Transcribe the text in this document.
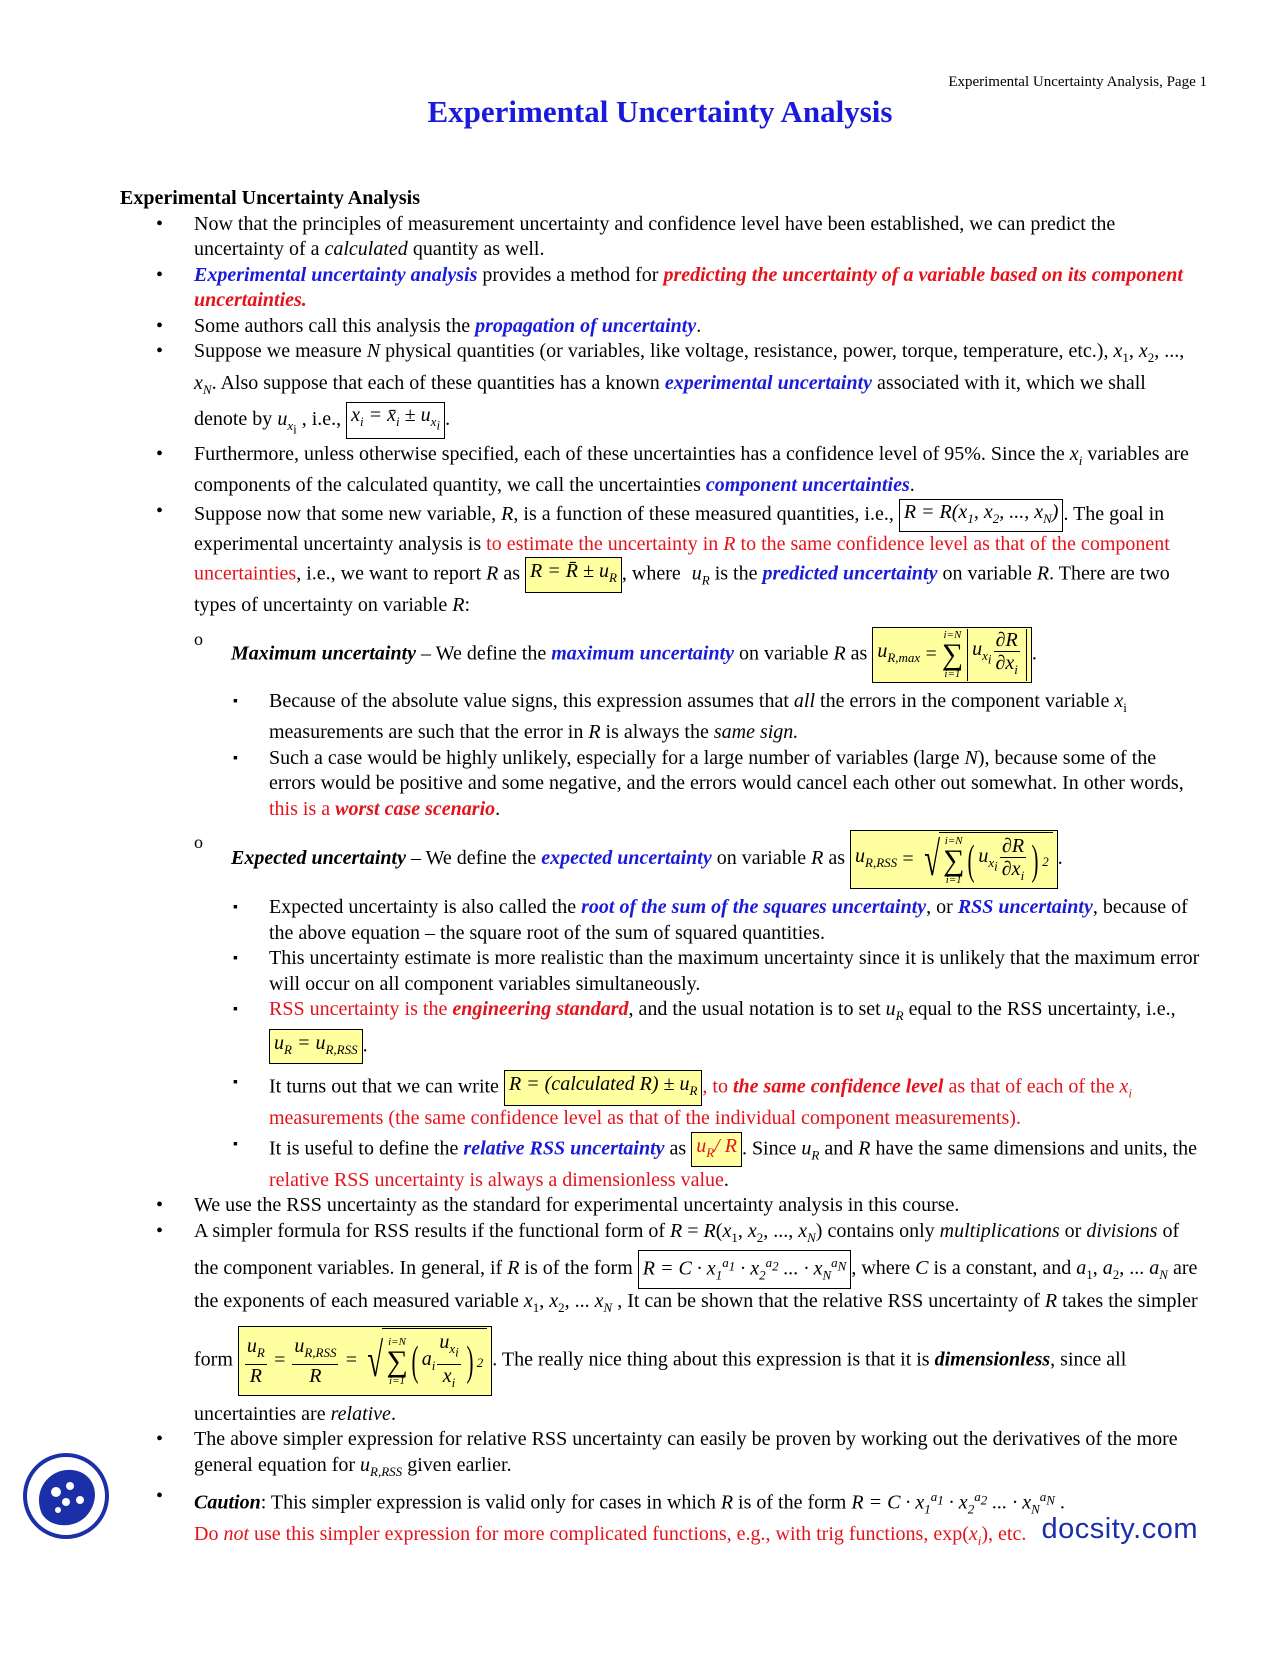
Experimental Uncertainty Analysis, Page 1
Experimental Uncertainty Analysis
Experimental Uncertainty Analysis
• Now that the principles of measurement uncertainty and confidence level have been established, we can predict the uncertainty of a calculated quantity as well.
• Experimental uncertainty analysis provides a method for predicting the uncertainty of a variable based on its component uncertainties.
• Some authors call this analysis the propagation of uncertainty.
• Suppose we measure N physical quantities (or variables, like voltage, resistance, power, torque, temperature, etc.), $x_1$, $x_2$, ..., $x_N$. Also suppose that each of these quantities has a known experimental uncertainty associated with it, which we shall denote by $u_{x_i}$ , i.e., $x_i$ = $x̄_i \pm u_{x_i}$ .
• Furthermore, unless otherwise specified, each of these uncertainties has a confidence level of 95%. Since the $x_i$ variables are components of the calculated quantity, we call the uncertainties component uncertainties.
• Suppose now that some new variable, R, is a function of these measured quantities, i.e., $R = R(x_1$, $x_2$, ..., $x_N$) . The goal in experimental uncertainty analysis is to estimate the uncertainty in R to the same confidence level as that of the component uncertainties, i.e., we want to report R as R = R̄ ± $u_R$ , where $u_R$ is the predicted uncertainty on variable R. There are two types of uncertainty on variable R:
o Maximum uncertainty – We define the maximum uncertainty on variable R as $u_{R,max}$ =
i=N
∑
i=1
$u_{x_i} \frac{\partial R}{\partial x_i}$ .
▪ Because of the absolute value signs, this expression assumes that all the errors in the component variable $x_i$ measurements are such that the error in R is always the same sign.
▪ Such a case would be highly unlikely, especially for a large number of variables (large N), because some of the errors would be positive and some negative, and the errors would cancel each other out somewhat. In other words, this is a worst case scenario.
o Expected uncertainty – We define the expected uncertainty on variable R as $u_{R,RSS}$ = √ i=N
∑
i=1 ( $u_{x_i} \frac{\partial R}{\partial x_i}$ ) 2 .
▪ Expected uncertainty is also called the root of the sum of the squares uncertainty, or RSS uncertainty, because of the above equation – the square root of the sum of squared quantities.
▪ This uncertainty estimate is more realistic than the maximum uncertainty since it is unlikely that the maximum error will occur on all component variables simultaneously.
▪ RSS uncertainty is the engineering standard, and the usual notation is to set $u_R$ equal to the RSS uncertainty, i.e.,
$u_R = u_{R,RSS}$ .
▪ It turns out that we can write R = (calculated $R) \pm u_R$ , to the same confidence level as that of each of the $x_i$ measurements (the same confidence level as that of the individual component measurements).
▪ It is useful to define the relative RSS uncertainty as $u_R/$ R . Since $u_R$ and R have the same dimensions and units, the relative RSS uncertainty is always a dimensionless value.
• We use the RSS uncertainty as the standard for experimental uncertainty analysis in this course.
• A simpler formula for RSS results if the functional form of $R = R(x_1$, $x_2$, ..., $x_N$) contains only multiplications or divisions of the component variables. In general, if R is of the form $R = C \cdot x_1^{a_1} \cdot x_2^{a_2}$ ... · $x_N^{a_N}$ , where C is a constant, and $a_1$, $a_2$, ... $a_N$ are the exponents of each measured variable $x_1$, $x_2$, ... $x_N$ , It can be shown that the relative RSS uncertainty of R takes the simpler form $\frac{u_R}{R} = \frac{u_{R,RSS}}{R}$ = √ i=N
∑
i=1 ( $a_i \frac{u_{x_i}}{x_i}$ ) 2 . The really nice thing about this expression is that it is dimensionless, since all uncertainties are relative.
• The above simpler expression for relative RSS uncertainty can easily be proven by working out the derivatives of the more general equation for $u_{R,RSS}$ given earlier.
• Caution: This simpler expression is valid only for cases in which R is of the form $R = C \cdot x_1^{a_1} \cdot x_2^{a_2}$ ... · $x_N^{a_N}$ .
Do not use this simpler expression for more complicated functions, e.g., with trig functions, $\exp(x_i)$, etc. docsity.com
